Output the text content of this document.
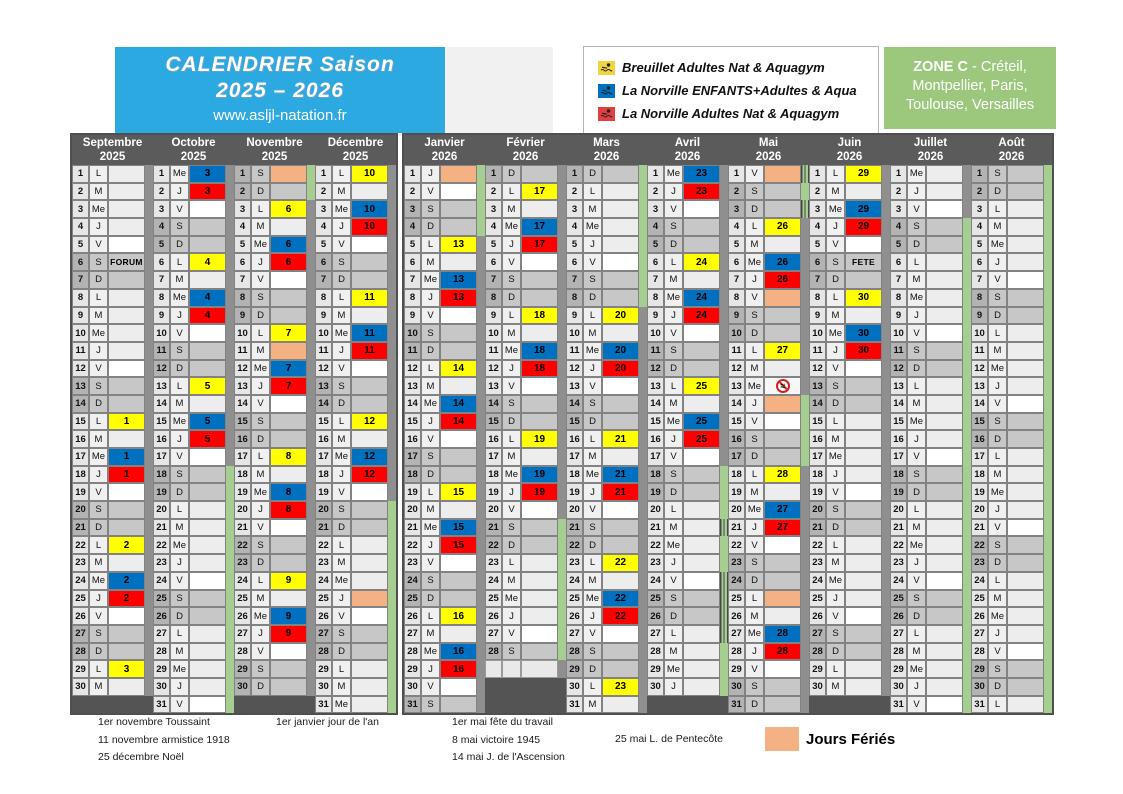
CALENDRIER Saison
2025 – 2026
www.asljl-natation.fr
Breuillet Adultes Nat & Aquagym
La Norville ENFANTS+Adultes & Aqua
La Norville Adultes Nat & Aquagym
ZONE C - Créteil,
Montpellier, Paris,
Toulouse, Versailles
Septembre
2025
1	L
2	M
3 Me
4	J
5	V
6	S FORUM
7	D
8	L
9	M
10 Me
11	J
12	V
13	S
14 D
15	L	1
16 M
17 Me	1
18	J	1
19	V
20	S
21 D
22	L	2
23 M
24 Me	2
25	J	2
26	V
27	S
28 D
29	L	3
30 M
Octobre
2025
1 Me	3
2	J	3
3	V
4	S
5	D
6	L	4
7	M
8 Me	4
9	J	4
10	V
11	S
12 D
13	L	5
14 M
15 Me	5
16	J	5
17	V
18	S
19 D
20	L
21 M
22 Me
23	J
24	V
25	S
26 D
27	L
28 M
29 Me
30	J
31	V
Novembre
2025
1	S
2	D
3	L	6
4	M
5 Me	6
6	J	6
7	V
8	S
9	D
10	L	7
11 M
12 Me	7
13	J	7
14	V
15	S
16 D
17	L	8
18 M
19 Me	8
20	J	8
21	V
22	S
23 D
24	L	9
25 M
26 Me	9
27	J	9
28	V
29	S
30 D
Décembre
2025
1	L	10
2	M
3 Me	10
4	J	10
5	V
6	S
7	D
8	L	11
9	M
10 Me	11
11	J	11
12	V
13	S
14 D
15	L	12
16 M
17 Me	12
18	J	12
19	V
20	S
21 D
22	L
23 M
24 Me
25	J
26	V
27	S
28 D
29	L
30 M
31 Me
Janvier
2026
1	J
2	V
3	S
4	D
5	L	13
6	M
7 Me	13
8	J	13
9	V
10	S
11	D
12	L	14
13 M
14 Me	14
15	J	14
16	V
17	S
18 D
19	L	15
20 M
21 Me	15
22	J	15
23	V
24	S
25 D
26	L	16
27 M
28 Me	16
29	J	16
30	V
31	S
Février
2026
1	D
2	L	17
3	M
4 Me	17
5	J	17
6	V
7	S
8	D
9	L	18
10 M
11 Me	18
12	J	18
13	V
14	S
15 D
16	L	19
17 M
18 Me	19
19	J	19
20	V
21	S
22 D
23	L
24 M
25 Me
26	J
27	V
28	S
Mars
2026
1	D
2	L
3	M
4 Me
5	J
6	V
7	S
8	D
9	L	20
10 M
11 Me	20
12	J	20
13	V
14	S
15 D
16	L	21
17 M
18 Me	21
19	J	21
20	V
21	S
22 D
23	L	22
24 M
25 Me	22
26	J	22
27	V
28	S
29 D
30	L	23
31 M
Avril
2026
1 Me	23
2	J	23
3	V
4	S
5	D
6	L	24
7	M
8 Me	24
9	J	24
10	V
11	S
12 D
13	L	25
14 M
15 Me	25
16	J	25
17	V
18	S
19 D
20	L
21 M
22 Me
23	J
24	V
25	S
26 D
27	L
28 M
29 Me
30	J
Mai
2026
1	V
2	S
3	D
4	L	26
5	M
6 Me	26
7	J	26
8	V
9	S
10 D
11	L	27
12 M
13 Me
≈
14	J
15	V
16	S
17 D
18	L	28
19 M
20 Me	27
21	J	27
22	V
23	S
24 D
25	L
26 M
27 Me	28
28	J	28
29	V
30	S
31 D
Juin
2026
1	L	29
2	M
3 Me	29
4	J	29
5	V
6	S	FETE
7	D
8	L	30
9	M
10 Me	30
11	J	30
12	V
13	S
14 D
15	L
16 M
17 Me
18	J
19	V
20	S
21 D
22	L
23 M
24 Me
25	J
26	V
27	S
28 D
29	L
30 M
Juillet
2026
1 Me
2	J
3	V
4	S
5	D
6	L
7	M
8 Me
9	J
10	V
11	S
12 D
13	L
14 M
15 Me
16	J
17	V
18	S
19 D
20	L
21 M
22 Me
23	J
24	V
25	S
26 D
27	L
28 M
29 Me
30	J
31	V
Août
2026
1	S
2	D
3	L
4	M
5 Me
6	J
7	V
8	S
9	D
10	L
11 M
12 Me
13	J
14	V
15	S
16 D
17	L
18 M
19 Me
20	J
21	V
22	S
23 D
24	L
25 M
26 Me
27	J
28	V
29	S
30 D
31	L
1er novembre Toussaint
11 novembre armistice 1918
25 décembre Noël
1er janvier jour de l'an	1er mai fête du travail
8 mai victoire 1945
14 mai J. de l'Ascension
25 mai L. de Pentecôte	Jours Fériés
